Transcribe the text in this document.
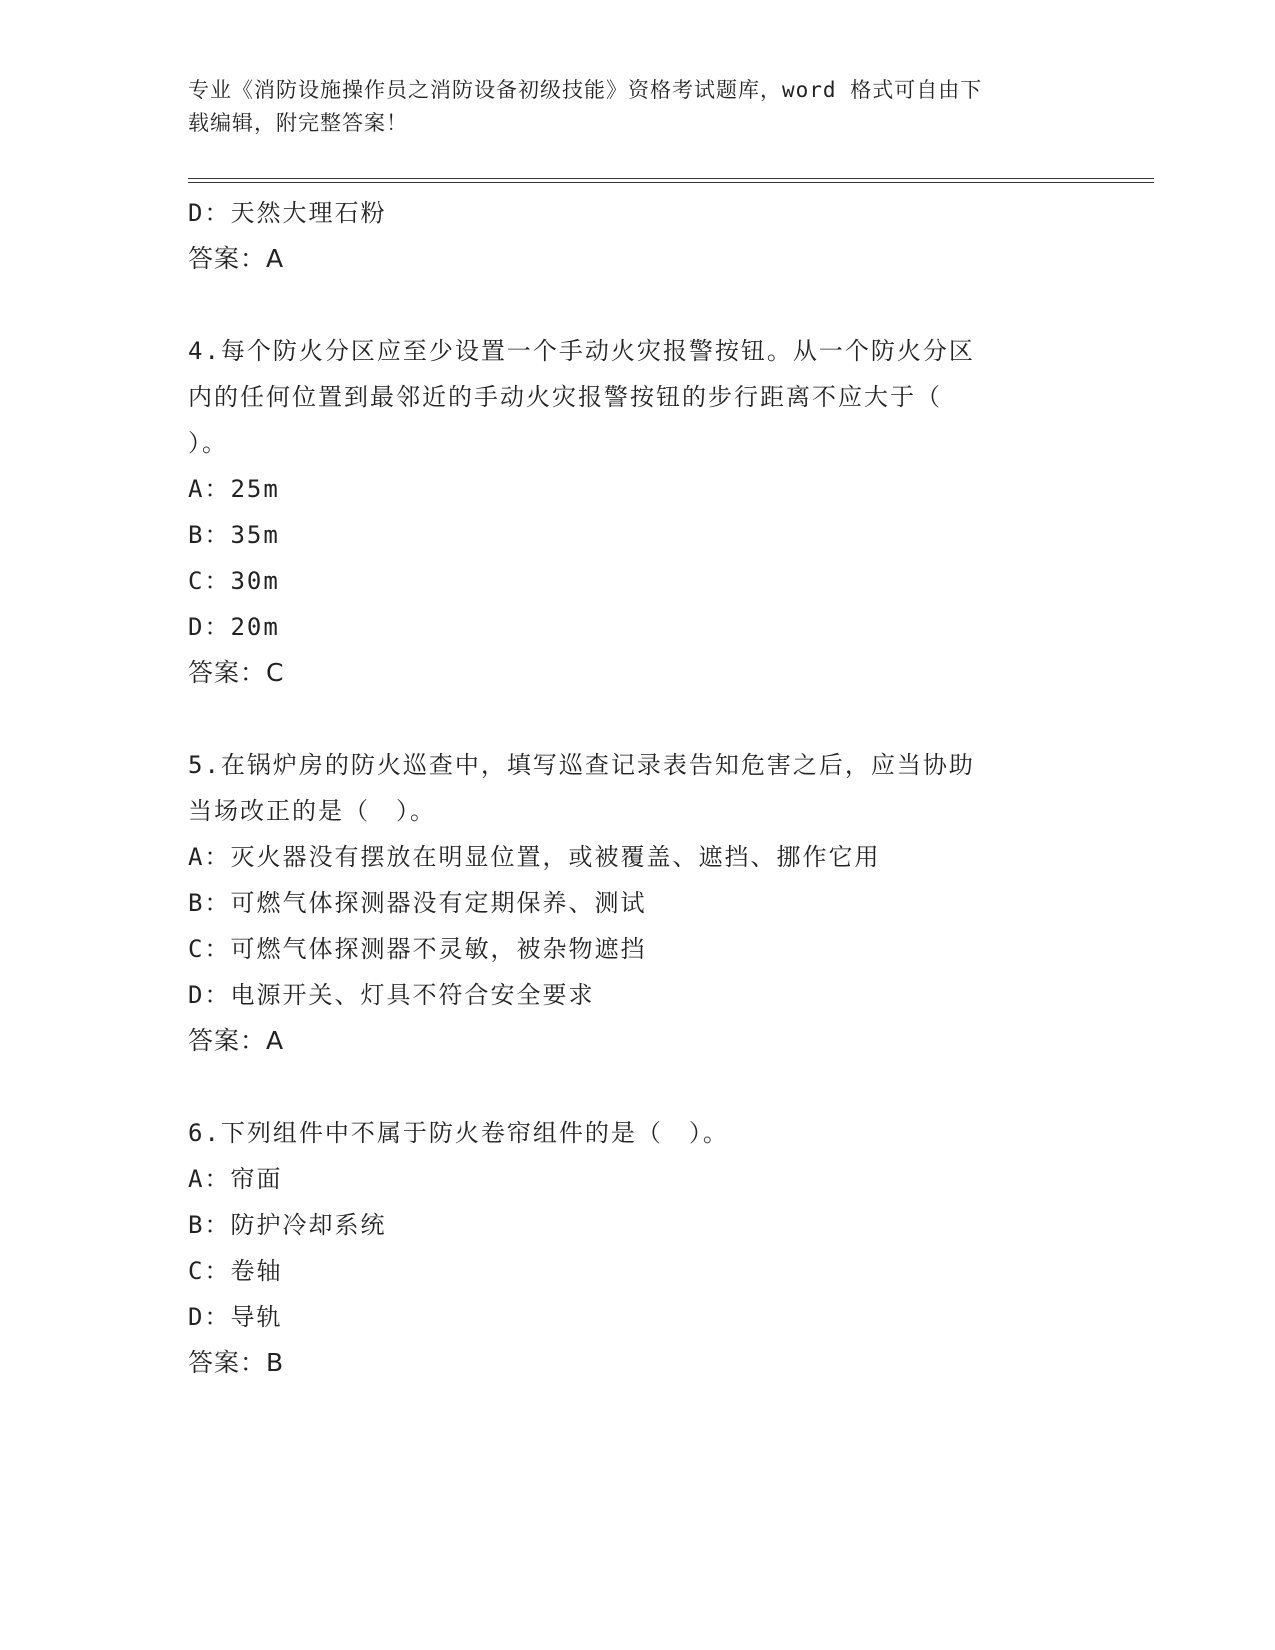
专业《消防设施操作员之消防设备初级技能》资格考试题库，word 格式可自由下
载编辑，附完整答案！
D：天然大理石粉
答案：A
4.每个防火分区应至少设置一个手动火灾报警按钮。从一个防火分区
内的任何位置到最邻近的手动火灾报警按钮的步行距离不应大于（
）。
A：25m
B：35m
C：30m
D：20m
答案：C
5.在锅炉房的防火巡查中，填写巡查记录表告知危害之后，应当协助
当场改正的是（　）。
A：灭火器没有摆放在明显位置，或被覆盖、遮挡、挪作它用
B：可燃气体探测器没有定期保养、测试
C：可燃气体探测器不灵敏，被杂物遮挡
D：电源开关、灯具不符合安全要求
答案：A
6.下列组件中不属于防火卷帘组件的是（　）。
A：帘面
B：防护冷却系统
C：卷轴
D：导轨
答案：B
